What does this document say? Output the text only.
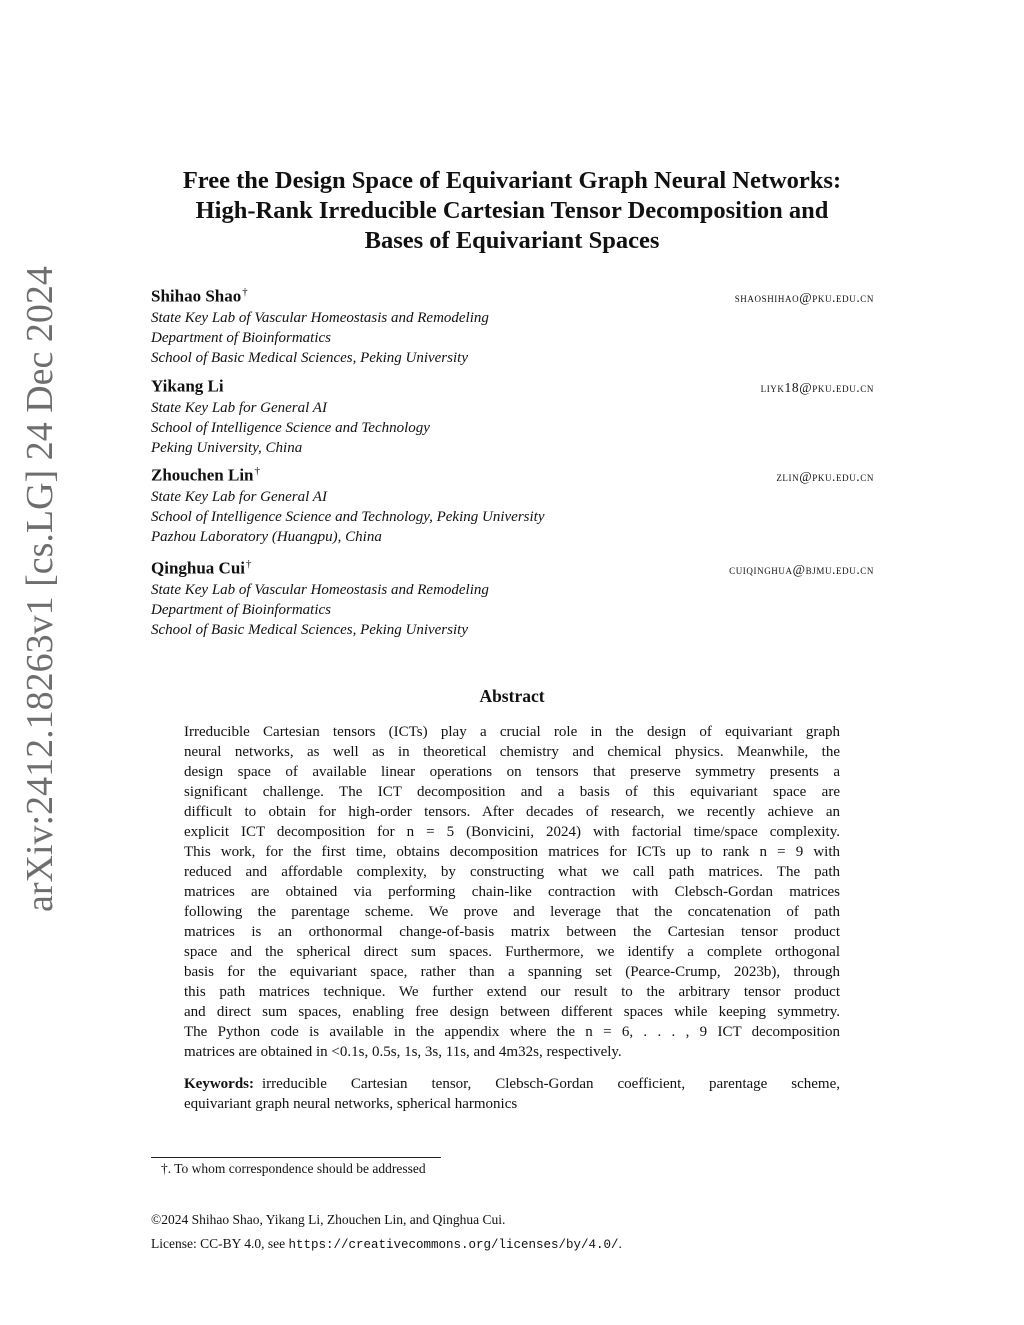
arXiv:2412.18263v1 [cs.LG] 24 Dec 2024
Free the Design Space of Equivariant Graph Neural Networks:
High-Rank Irreducible Cartesian Tensor Decomposition and
Bases of Equivariant Spaces
Shihao Shao†	shaoshihao@pku.edu.cn
State Key Lab of Vascular Homeostasis and Remodeling
Department of Bioinformatics
School of Basic Medical Sciences, Peking University
Yikang Li	liyk18@pku.edu.cn
State Key Lab for General AI
School of Intelligence Science and Technology
Peking University, China
Zhouchen Lin†	zlin@pku.edu.cn
State Key Lab for General AI
School of Intelligence Science and Technology, Peking University
Pazhou Laboratory (Huangpu), China
Qinghua Cui†	cuiqinghua@bjmu.edu.cn
State Key Lab of Vascular Homeostasis and Remodeling
Department of Bioinformatics
School of Basic Medical Sciences, Peking University
Abstract
Irreducible Cartesian tensors (ICTs) play a crucial role in the design of equivariant graph
neural networks, as well as in theoretical chemistry and chemical physics. Meanwhile, the
design space of available linear operations on tensors that preserve symmetry presents a
significant challenge. The ICT decomposition and a basis of this equivariant space are
difficult to obtain for high-order tensors. After decades of research, we recently achieve an
explicit ICT decomposition for n = 5 (Bonvicini, 2024) with factorial time/space complexity.
This work, for the first time, obtains decomposition matrices for ICTs up to rank n = 9 with
reduced and affordable complexity, by constructing what we call path matrices. The path
matrices are obtained via performing chain-like contraction with Clebsch-Gordan matrices
following the parentage scheme. We prove and leverage that the concatenation of path
matrices is an orthonormal change-of-basis matrix between the Cartesian tensor product
space and the spherical direct sum spaces. Furthermore, we identify a complete orthogonal
basis for the equivariant space, rather than a spanning set (Pearce-Crump, 2023b), through
this path matrices technique. We further extend our result to the arbitrary tensor product
and direct sum spaces, enabling free design between different spaces while keeping symmetry.
The Python code is available in the appendix where the n = 6, . . . , 9 ICT decomposition
matrices are obtained in <0.1s, 0.5s, 1s, 3s, 11s, and 4m32s, respectively.
Keywords: irreducible Cartesian tensor, Clebsch-Gordan coefficient, parentage scheme,
equivariant graph neural networks, spherical harmonics
†. To whom correspondence should be addressed
©2024 Shihao Shao, Yikang Li, Zhouchen Lin, and Qinghua Cui.
License: CC-BY 4.0, see https://creativecommons.org/licenses/by/4.0/.
